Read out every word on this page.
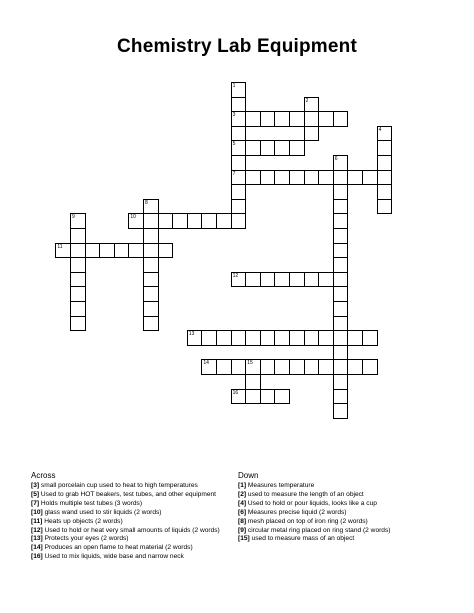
Chemistry Lab Equipment
1
3
5
7
2
4
6
8
9	10
11
12
13
14	15
16
Across

[3] small porcelain cup used to heat to high temperatures

[5] Used to grab HOT beakers, test tubes, and other equipment

[7] Holds multiple test tubes (3 words)

[10] glass wand used to stir liquids (2 words)

[11] Heats up objects (2 words)

[12] Used to hold or heat very small amounts of liquids (2 words)

[13] Protects your eyes (2 words)

[14] Produces an open flame to heat material (2 words)

[16] Used to mix liquids, wide base and narrow neck

Down

[1] Measures temperature

[2] used to measure the length of an object

[4] Used to hold or pour liquids, looks like a cup

[6] Measures precise liquid (2 words)

[8] mesh placed on top of iron ring (2 words)

[9] circular metal ring placed on ring stand (2 words)

[15] used to measure mass of an object
